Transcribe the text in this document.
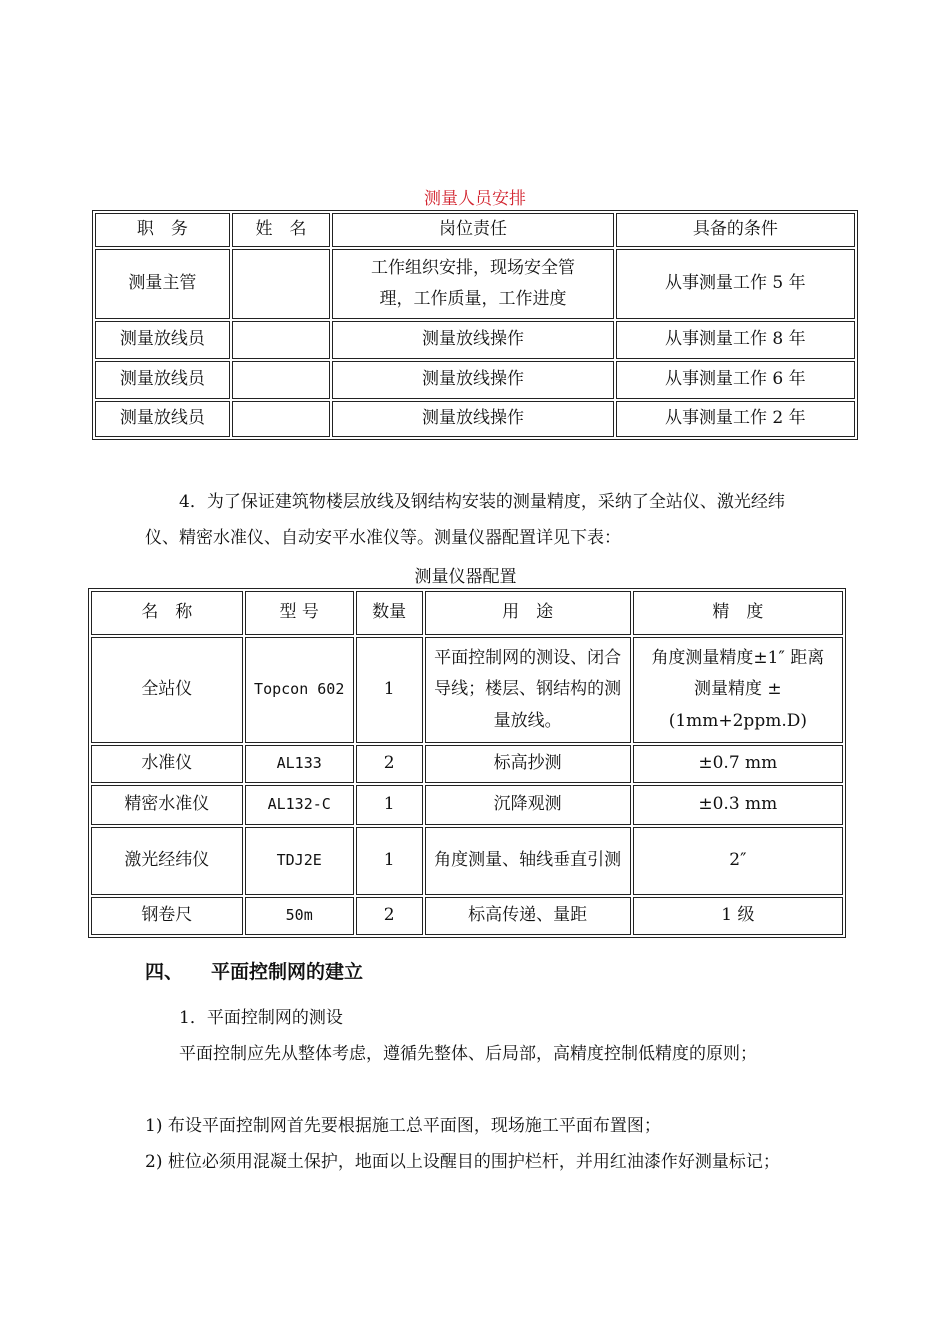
测量人员安排
职　务	姓　名	岗位责任	具备的条件
测量主管		工作组织安排，现场安全管理，工作质量，工作进度	从事测量工作 5 年
测量放线员		测量放线操作	从事测量工作 8 年
测量放线员		测量放线操作	从事测量工作 6 年
测量放线员		测量放线操作	从事测量工作 2 年
4．为了保证建筑物楼层放线及钢结构安装的测量精度，采纳了全站仪、激光经纬仪、精密水准仪、自动安平水准仪等。测量仪器配置详见下表：
测量仪器配置
名　称	型 号	数量	用　途	精　度
全站仪	Topcon 602	1	平面控制网的测设、闭合导线；楼层、钢结构的测量放线。	角度测量精度±1″ 距离测量精度 ±(1mm+2ppm.D)
水准仪	AL133	2	标高抄测	±0.7 mm
精密水准仪	AL132-C	1	沉降观测	±0.3 mm
激光经纬仪	TDJ2E	1	角度测量、轴线垂直引测	2″
钢卷尺	50m	2	标高传递、量距	1 级
四、 平面控制网的建立
1．平面控制网的测设
平面控制应先从整体考虑，遵循先整体、后局部，高精度控制低精度的原则；
1) 布设平面控制网首先要根据施工总平面图，现场施工平面布置图；
2) 桩位必须用混凝土保护，地面以上设醒目的围护栏杆，并用红油漆作好测量标记；
